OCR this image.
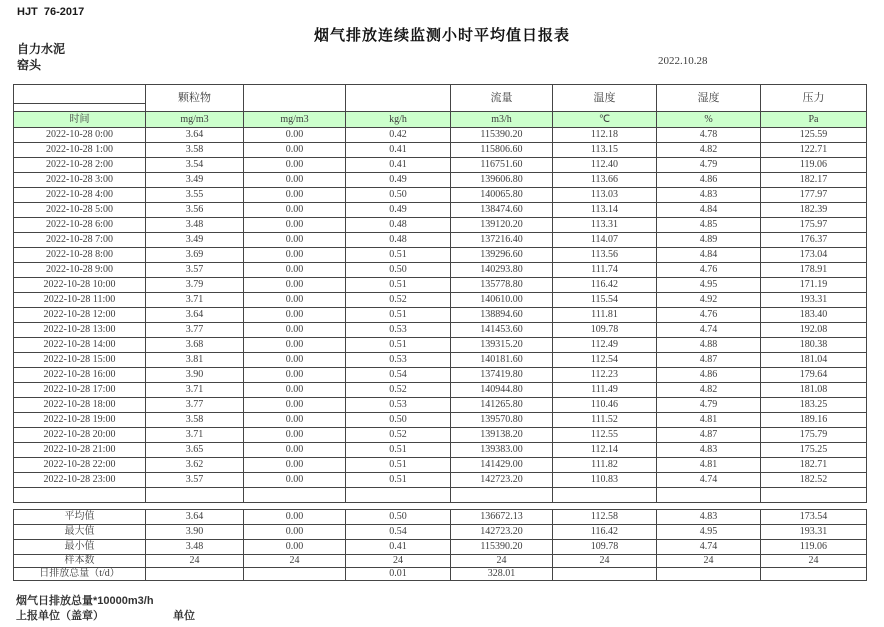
HJT  76-2017
烟气排放连续监测小时平均值日报表
自力水泥
窑头	2022.10.28
	颗粒物			流量	温度	湿度	压力

时间	mg/m3	mg/m3	kg/h	m3/h	℃	%	Pa
2022-10-28 0:00	3.64	0.00	0.42	115390.20	112.18	4.78	125.59
2022-10-28 1:00	3.58	0.00	0.41	115806.60	113.15	4.82	122.71
2022-10-28 2:00	3.54	0.00	0.41	116751.60	112.40	4.79	119.06
2022-10-28 3:00	3.49	0.00	0.49	139606.80	113.66	4.86	182.17
2022-10-28 4:00	3.55	0.00	0.50	140065.80	113.03	4.83	177.97
2022-10-28 5:00	3.56	0.00	0.49	138474.60	113.14	4.84	182.39
2022-10-28 6:00	3.48	0.00	0.48	139120.20	113.31	4.85	175.97
2022-10-28 7:00	3.49	0.00	0.48	137216.40	114.07	4.89	176.37
2022-10-28 8:00	3.69	0.00	0.51	139296.60	113.56	4.84	173.04
2022-10-28 9:00	3.57	0.00	0.50	140293.80	111.74	4.76	178.91
2022-10-28 10:00	3.79	0.00	0.51	135778.80	116.42	4.95	171.19
2022-10-28 11:00	3.71	0.00	0.52	140610.00	115.54	4.92	193.31
2022-10-28 12:00	3.64	0.00	0.51	138894.60	111.81	4.76	183.40
2022-10-28 13:00	3.77	0.00	0.53	141453.60	109.78	4.74	192.08
2022-10-28 14:00	3.68	0.00	0.51	139315.20	112.49	4.88	180.38
2022-10-28 15:00	3.81	0.00	0.53	140181.60	112.54	4.87	181.04
2022-10-28 16:00	3.90	0.00	0.54	137419.80	112.23	4.86	179.64
2022-10-28 17:00	3.71	0.00	0.52	140944.80	111.49	4.82	181.08
2022-10-28 18:00	3.77	0.00	0.53	141265.80	110.46	4.79	183.25
2022-10-28 19:00	3.58	0.00	0.50	139570.80	111.52	4.81	189.16
2022-10-28 20:00	3.71	0.00	0.52	139138.20	112.55	4.87	175.79
2022-10-28 21:00	3.65	0.00	0.51	139383.00	112.14	4.83	175.25
2022-10-28 22:00	3.62	0.00	0.51	141429.00	111.82	4.81	182.71
2022-10-28 23:00	3.57	0.00	0.51	142723.20	110.83	4.74	182.52

平均值	3.64	0.00	0.50	136672.13	112.58	4.83	173.54
最大值	3.90	0.00	0.54	142723.20	116.42	4.95	193.31
最小值	3.48	0.00	0.41	115390.20	109.78	4.74	119.06
样本数	24	24	24	24	24	24	24
日排放总量（t/d）			0.01	328.01			
烟气日排放总量*10000m3/h
上报单位（盖章）	单位
